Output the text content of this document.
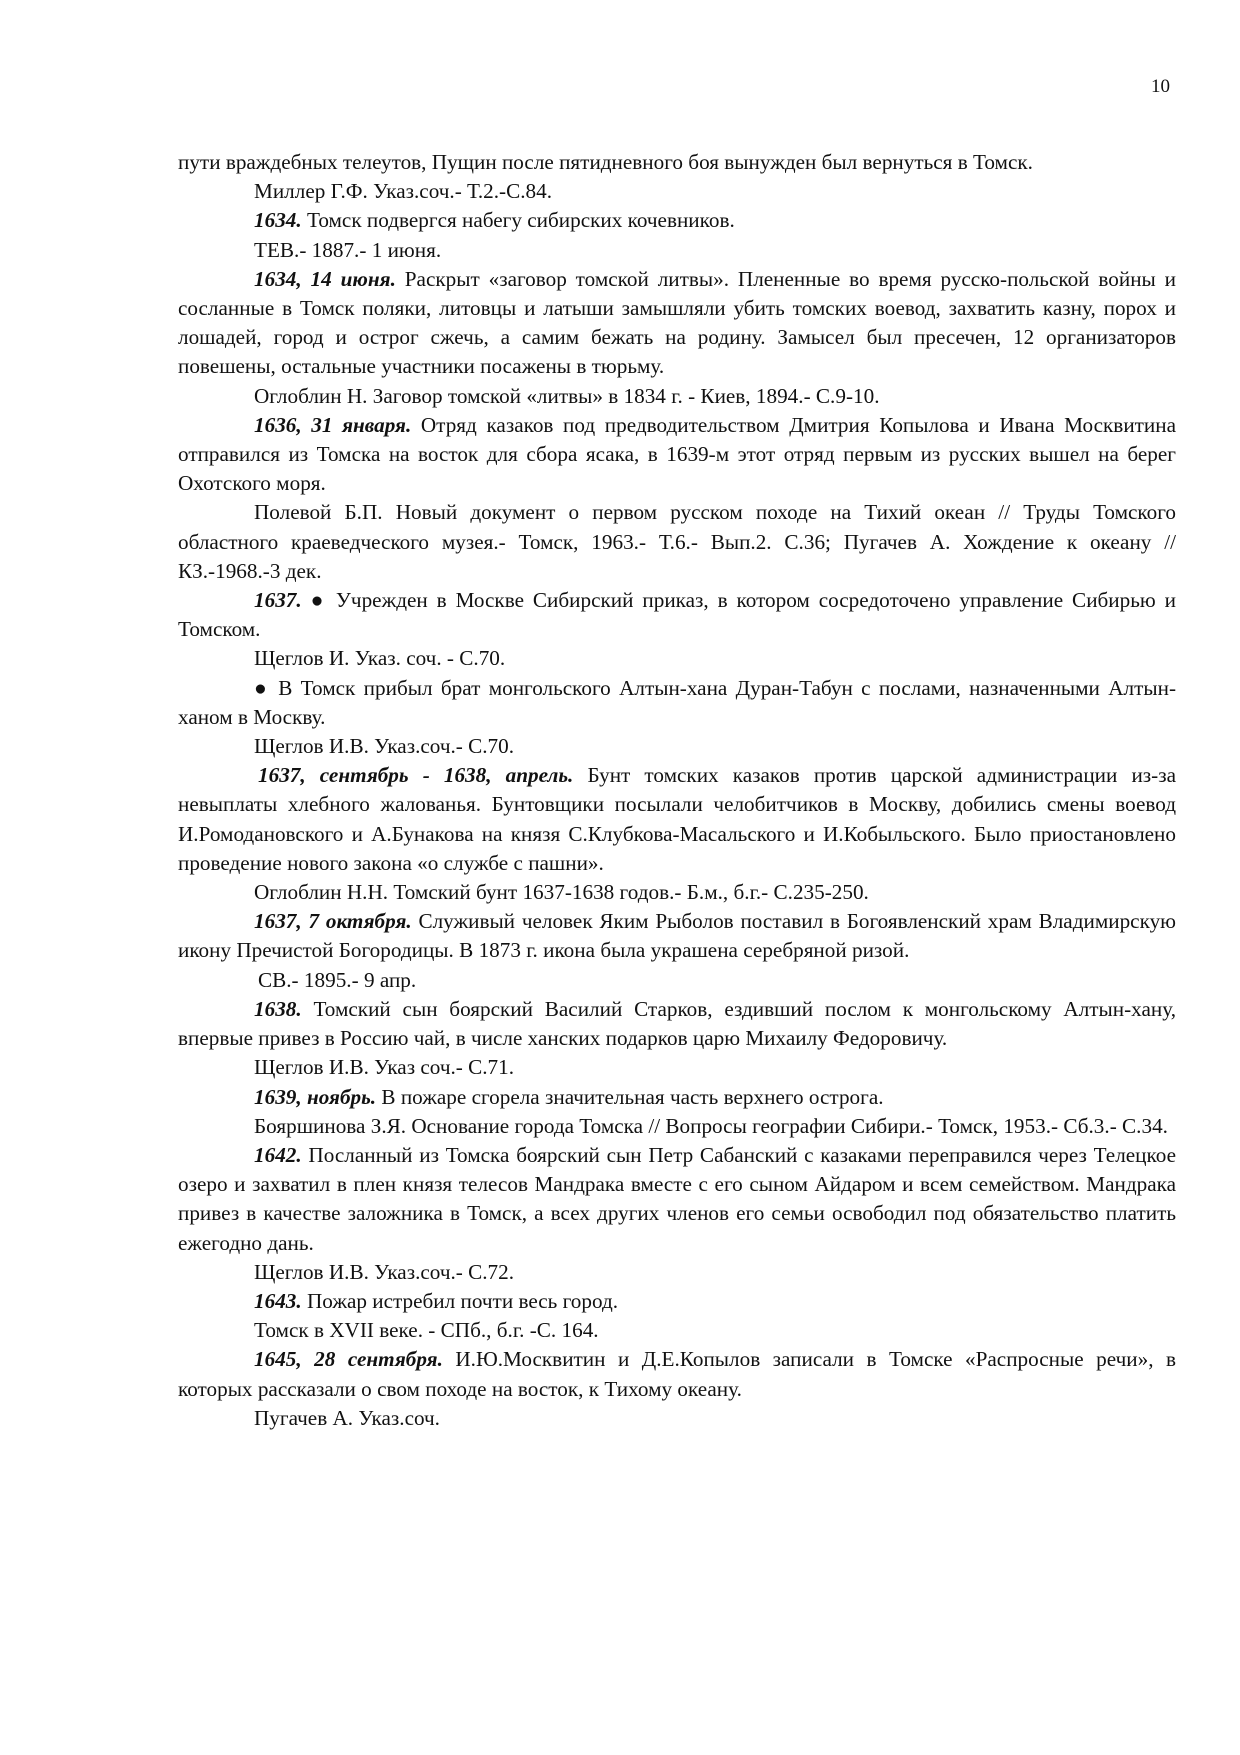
10

пути враждебных телеутов, Пущин после пятидневного боя вынужден был вернуться в Томск.

Миллер Г.Ф. Указ.соч.- Т.2.-С.84.

1634. Томск подвергся набегу сибирских кочевников.

ТЕВ.- 1887.- 1 июня.

1634, 14 июня. Раскрыт «заговор томской литвы». Плененные во время русско-польской войны и сосланные в Томск поляки, литовцы и латыши замышляли убить томских воевод, захватить казну, порох и лошадей, город и острог сжечь, а самим бежать на родину. Замысел был пресечен, 12 организаторов повешены, остальные участники посажены в тюрьму.

Оглоблин Н. Заговор томской «литвы» в 1834 г. - Киев, 1894.- С.9-10.

1636, 31 января. Отряд казаков под предводительством Дмитрия Копылова и Ивана Москвитина отправился из Томска на восток для сбора ясака, в 1639-м этот отряд первым из русских вышел на берег Охотского моря.

Полевой Б.П. Новый документ о первом русском походе на Тихий океан // Труды Томского областного краеведческого музея.- Томск, 1963.- Т.6.- Вып.2. С.36; Пугачев А. Хождение к океану // КЗ.-1968.-3 дек.

1637. ● Учрежден в Москве Сибирский приказ, в котором сосредоточено управление Сибирью и Томском.

Щеглов И. Указ. соч. - С.70.

● В Томск прибыл брат монгольского Алтын-хана Дуран-Табун с послами, назначенными Алтын-ханом в Москву.

Щеглов И.В. Указ.соч.- С.70.

1637, сентябрь - 1638, апрель. Бунт томских казаков против царской администрации из-за невыплаты хлебного жалованья. Бунтовщики посылали челобитчиков в Москву, добились смены воевод И.Ромодановского и А.Бунакова на князя С.Клубкова-Масальского и И.Кобыльского. Было приостановлено проведение нового закона «о службе с пашни».

Оглоблин Н.Н. Томский бунт 1637-1638 годов.- Б.м., б.г.- С.235-250.

1637, 7 октября. Служивый человек Яким Рыболов поставил в Богоявленский храм Владимирскую икону Пречистой Богородицы. В 1873 г. икона была украшена серебряной ризой.

СВ.- 1895.- 9 апр.

1638. Томский сын боярский Василий Старков, ездивший послом к монгольскому Алтын-хану, впервые привез в Россию чай, в числе ханских подарков царю Михаилу Федоровичу.

Щеглов И.В. Указ соч.- С.71.

1639, ноябрь. В пожаре сгорела значительная часть верхнего острога.

Бояршинова З.Я. Основание города Томска // Вопросы географии Сибири.- Томск, 1953.- Сб.3.- С.34.

1642. Посланный из Томска боярский сын Петр Сабанский с казаками переправился через Телецкое озеро и захватил в плен князя телесов Мандрака вместе с его сыном Айдаром и всем семейством. Мандрака привез в качестве заложника в Томск, а всех других членов его семьи освободил под обязательство платить ежегодно дань.

Щеглов И.В. Указ.соч.- С.72.

1643. Пожар истребил почти весь город.

Томск в XVII веке. - СПб., б.г. -С. 164.

1645, 28 сентября. И.Ю.Москвитин и Д.Е.Копылов записали в Томске «Распросные речи», в которых рассказали о свом походе на восток, к Тихому океану.

Пугачев А. Указ.соч.
